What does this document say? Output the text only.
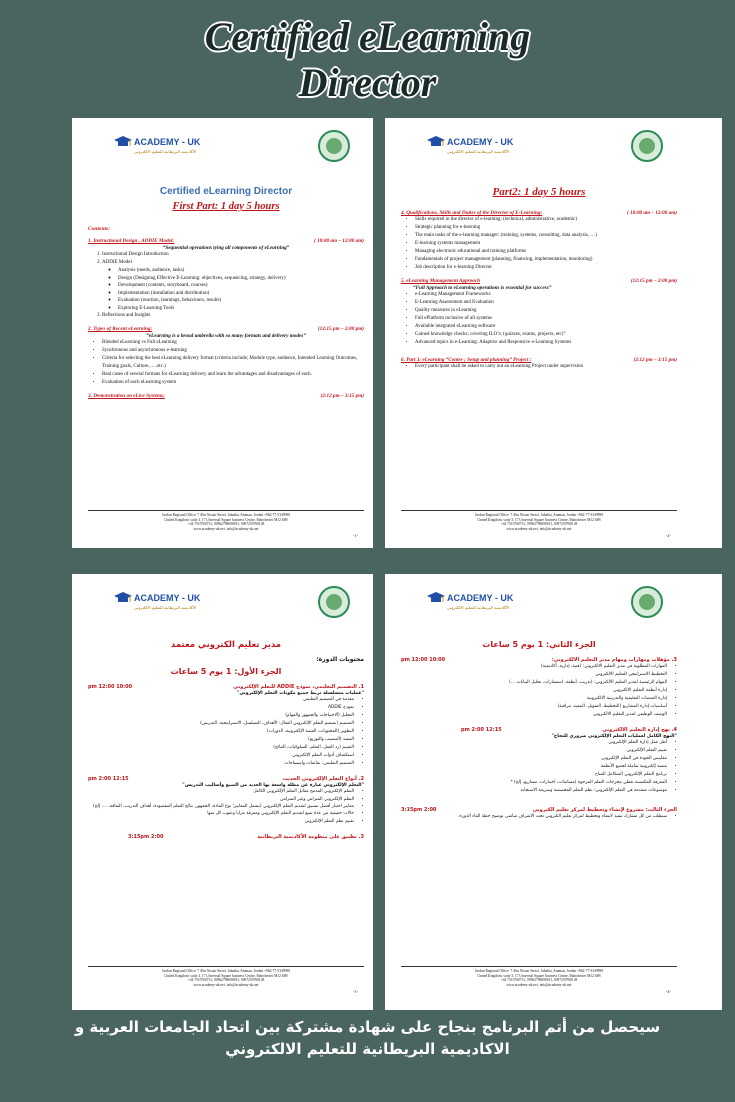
Certified eLearning
Director
ACADEMY - UK
الأكاديمية البريطانية للتعليم الالكتروني
Certified eLearning Director
First Part: 1 day 5 hours
Contents:
1. Instructional Design , ADDIE Model:	( 10:00 am – 12:00 am)
“Sequential operations tying all components of eLearning”
1. Instructional Design Introduction
2. ADDIE Model
◦ Analysis (needs, audience, tasks)
◦ Design (Designing Effective E-Learning: objectives, sequencing, strategy, delivery)
◦ Development (contents, storyboard, courses)
◦ Implementation (installation and distribution)
◦ Evaluation (reaction, learnings, behaviours, results)
◦ Exploring E-Learning Tools
3. Reflections and Insights
2. Types of Recent eLearning:	(12:15 pm – 2:00 pm)
“eLearning is a broad umbrella with so many formats and delivery modes”
• Blended eLearning vs Full eLearning
• Synchronous and asynchronous e-learning
• Criteria for selecting the best eLearning delivery format (criteria include; Module type, audience, Intended Learning Outcomes, Training goals, Culture,…..etc.)
• Real cases of several formats for eLearning delivery and learn the advantages and disadvantages of each.
• Evaluation of each eLearning system
3. Demonstration on eLive Systems;	(2:12 pm – 3:15 pm)
Jordan Regional Office: 7 Abu Nosair Street, Jubaiha, Amman, Jordan +962-77-5349998
United Kingdom: suite 3, 17 Universal Square business Centre, Manchester M12 6JH
+44 7510760731, 00962798698181, 0097259768128
www.academy-uk.net, info@academy-uk.net
-1-
ACADEMY - UK
الأكاديمية البريطانية للتعليم الالكتروني
Part2: 1 day 5 hours
4. Qualifications, Skills and Duties of the Director of E-Learning:	( 10:00 am – 12:00 am)
• Skills required in the director of e-learning: (technical, administrative, academic)
• Strategic planning for e-learning
• The main tasks of the e-learning manager: (training, systems, consulting, data analysis, …)
• E-learning systems management
• Managing electronic educational and training platforms
• Fundamentals of project management (planning, financing, implementation, monitoring)
• Job description for e-learning Director
5. eLearning Management Approach	(12:15 pm – 2:00 pm)
“Full Approach to eLearning operations is essential for success”
• e-Learning Management Frameworks
• E-Learning Assessment and Evaluation
• Quality measures in eLearning
• Full ePlatform inclusive of all systems
• Available integrated eLearning software
• Gained knowledge checks; covering ILO’s; (quizzes, exams, projects, etc)”
• Advanced topics in e-Learning: Adaptive and Responsive e-Learning Systems
6. Part 3: eLearning “Centre ; Setup and planning” Project :	(2:12 pm – 3:15 pm)
• Every participant shall be asked to carry out an eLearning Project under supervision
Jordan Regional Office: 7 Abu Nosair Street, Jubaiha, Amman, Jordan +962-77-5349998
United Kingdom: suite 3, 17 Universal Square business Centre, Manchester M12 6JH
+44 7510760731, 00962798698181, 0097259768128
www.academy-uk.net, info@academy-uk.net
-2-
ACADEMY - UK
الأكاديمية البريطانية للتعليم الالكتروني
مدير تعليم الكتروني معتمد
محتويات الدورة:
الجزء الأول: 1 يوم 5 ساعات
1. التصميم التعليمي، نموذج ADDIE للتعلم الإلكتروني
10:00 12:00 pm
"عمليات متسلسلة تربط جميع مكونات التعلم الإلكتروني"
• مقدمة في التصميم التعليمي
• نموذج ADDIE
• التحليل (الاحتياجات والجمهور والمهام)
• التصميم (تصميم التعلم الإلكتروني الفعال: الأهداف، التسلسل، الاستراتيجية، التدريس)
• التطوير (المحتويات، القصة الإلكترونية، الدورات)
• التنفيذ (التنصيب والتوزيع)
• التقييم (رد الفعل، التعلم، السلوكيات، النتائج)
• استكشاف أدوات التعلم الإلكتروني
• التصميم التعليمي: نقاشات واستنتاجات
2. أنواع التعلم الإلكتروني الحديث
12:15 2:00 pm
"التعلم الإلكتروني عبارة عن مظلة واسعة بها العديد من الصيغ وأساليب التدريس"
• التعلم الإلكتروني المدمج مقابل التعلم الإلكتروني الكامل
• التعلم الإلكتروني المتزامن وغير المتزامن
• معايير اختيار أفضل تنسيق لتقديم التعلم الإلكتروني (تشمل المعايير؛ نوع المادة، الجمهور، نتائج التعلم المقصودة، أهداف التدريب، الثقافة، .... إلخ)
• حالات حقيقية من عدة صيغ لتقديم التعلم الإلكتروني ومعرفة مزايا وعيوب كل منها
• تقييم نظم التعلم الإلكتروني
3. تطبيق على منظومة الأكاديمية البريطانية
2:00 3:15pm
Jordan Regional Office: 7 Abu Nosair Street, Jubaiha, Amman, Jordan +962-77-5349998
United Kingdom: suite 3, 17 Universal Square business Centre, Manchester M12 6JH
+44 7510760731, 00962798698181, 0097259768128
www.academy-uk.net, info@academy-uk.net
-3-
ACADEMY - UK
الأكاديمية البريطانية للتعليم الالكتروني
الجزء الثاني: 1 يوم 5 ساعات
3. مؤهلات ومهارات ومهام مدير التعليم الالكتروني:
10:00 12:00 pm
• المهارات المطلوبة في مدير التعليم الالكتروني: (فنية، إدارية، أكاديمية)
• التخطيط الاستراتيجي للتعليم الالكتروني
• المهام الرئيسية لمدير التعليم الالكتروني: (تدريب، أنظمة، استشارات، تحليل البيانات ...)
• إدارة أنظمة التعليم الالكتروني
• إدارة المنصات التعليمية والتدريبية الالكترونية
• أساسيات إدارة المشاريع (التخطيط، التمويل، التنفيذ، مراقبة)
• الوصف الوظيفي لمدير التعليم الالكتروني
4. نهج إدارة التعليم الالكتروني
12:15 2:00 pm
"النهج الكامل لعمليات التعلم الإلكتروني ضروري للنجاح"
• أطر عمل إدارة التعلم الإلكتروني
• تقييم التعلم الإلكتروني
• مقاييس الجودة في التعلم الإلكتروني
• منصة إلكترونية شاملة لجميع الأنظمة
• برنامج التعلم الإلكتروني المتكامل المتاح
• المعرفة المكتسبة تغطي مخرجات التعلم المرجوة (مسابقات، اختبارات، مشاريع، إلخ) *
• موضوعات متقدمة في التعلم الإلكتروني: نظم التعلم المخصصة وسريعة الاستجابة
الجزء الثالث: مشروع لإنشاء وتخطيط لمركز تعليم الكتروني
3:15pm 2:00
• سيطلب من كل مشارك تنفيذ لانشاء وتخطيط لمركز تعليم الكتروني تحت الاشراف مباشر، توضيح خطة الفاء الدورة.
Jordan Regional Office: 7 Abu Nosair Street, Jubaiha, Amman, Jordan +962-77-5349998
United Kingdom: suite 3, 17 Universal Square business Centre, Manchester M12 6JH
+44 7510760731, 00962798698181, 0097259768128
www.academy-uk.net, info@academy-uk.net
-4-
سيحصل من أتم البرنامج بنجاح على شهادة مشتركة بين اتحاد الجامعات العربية و
الاكاديمية البريطانية للتعليم الالكتروني
